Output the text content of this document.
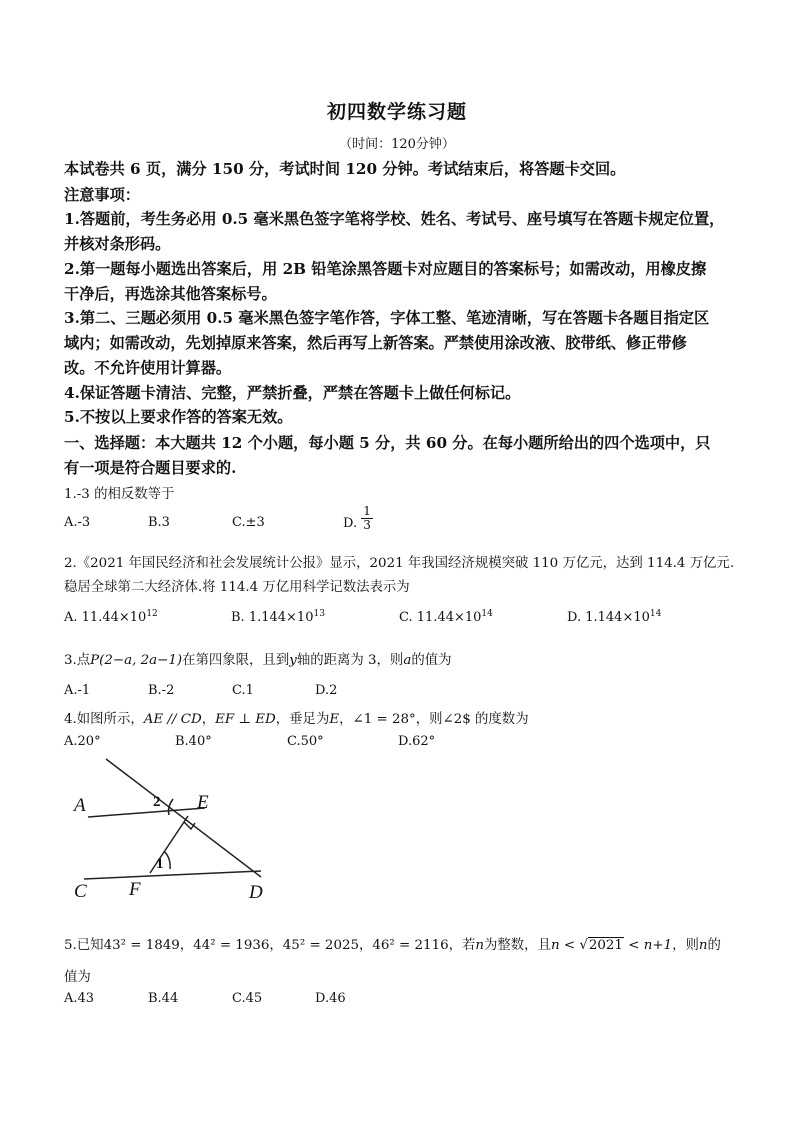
初四数学练习题
（时间：120分钟）
本试卷共 6 页，满分 150 分，考试时间 120 分钟。考试结束后，将答题卡交回。
注意事项：
1.答题前，考生务必用 0.5 毫米黑色签字笔将学校、姓名、考试号、座号填写在答题卡规定位置，
并核对条形码。
2.第一题每小题选出答案后，用 2B 铅笔涂黑答题卡对应题目的答案标号；如需改动，用橡皮擦
干净后，再选涂其他答案标号。
3.第二、三题必须用 0.5 毫米黑色签字笔作答，字体工整、笔迹清晰，写在答题卡各题目指定区
域内；如需改动，先划掉原来答案，然后再写上新答案。严禁使用涂改液、胶带纸、修正带修
改。不允许使用计算器。
4.保证答题卡清洁、完整，严禁折叠，严禁在答题卡上做任何标记。
5.不按以上要求作答的答案无效。
一、选择题：本大题共 12 个小题，每小题 5 分，共 60 分。在每小题所给出的四个选项中，只
有一项是符合题目要求的.
1.-3 的相反数等于
A.-3	B.3	C.±3	D. $\frac{1}{3}$
2.《2021 年国民经济和社会发展统计公报》显示，2021 年我国经济规模突破 110 万亿元，达到 114.4 万亿元.
稳居全球第二大经济体.将 114.4 万亿用科学记数法表示为
A. $11.44\times 10^{12}$	B. $1.144\times 10^{13}$	C. $11.44\times 10^{14}$	D. $1.144\times 10^{14}$
3.点P(2−a, 2a−1)在第四象限，且到y轴的距离为 3，则a的值为
A.-1	B.-2	C.1	D.2
4.如图所示，AE // CD，EF ⊥ ED，垂足为E，∠1 = 28°，则∠2$ 的度数为
A.20°	B.40°	C.50°	D.62°
A	E
C F	D
2
1
5.已知43² = 1849，44² = 1936，45² = 2025，46² = 2116，若n为整数，且n < √2021 < n+1，则n的
值为
A.43	B.44	C.45	D.46
